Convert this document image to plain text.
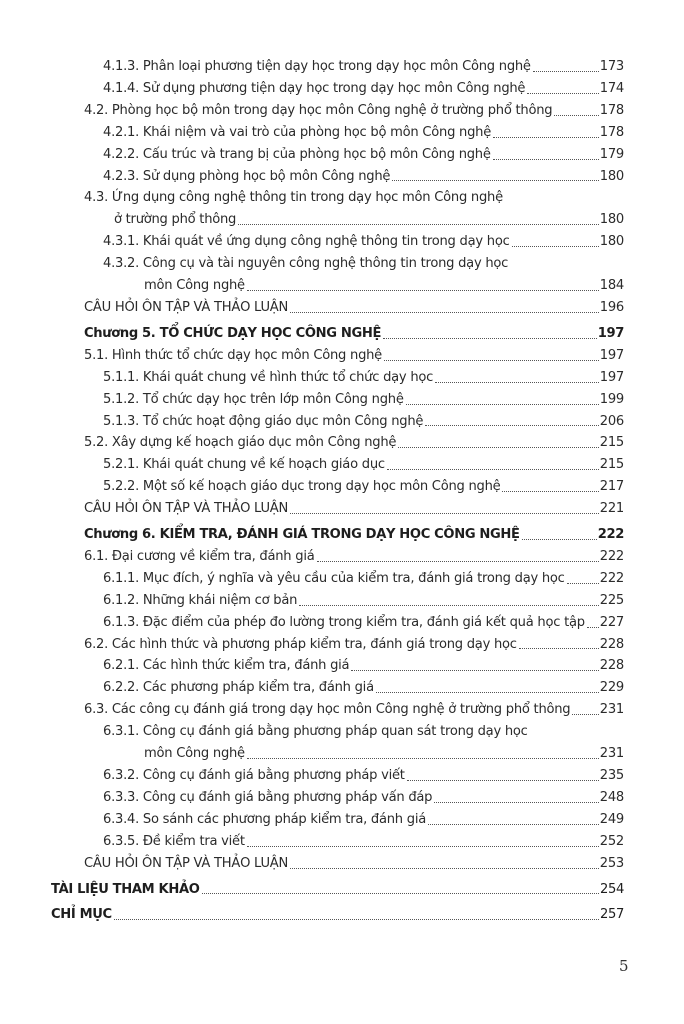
4.1.3. Phân loại phương tiện dạy học trong dạy học môn Công nghệ	173
4.1.4. Sử dụng phương tiện dạy học trong dạy học môn Công nghệ	174
4.2. Phòng học bộ môn trong dạy học môn Công nghệ ở trường phổ thông	178
4.2.1. Khái niệm và vai trò của phòng học bộ môn Công nghệ	178
4.2.2. Cấu trúc và trang bị của phòng học bộ môn Công nghệ	179
4.2.3. Sử dụng phòng học bộ môn Công nghệ	180
4.3. Ứng dụng công nghệ thông tin trong dạy học môn Công nghệ
ở trường phổ thông	180
4.3.1. Khái quát về ứng dụng công nghệ thông tin trong dạy học	180
4.3.2. Công cụ và tài nguyên công nghệ thông tin trong dạy học
môn Công nghệ	184
CÂU HỎI ÔN TẬP VÀ THẢO LUẬN	196
Chương 5. TỔ CHỨC DẠY HỌC CÔNG NGHỆ	197
5.1. Hình thức tổ chức dạy học môn Công nghệ	197
5.1.1. Khái quát chung về hình thức tổ chức dạy học	197
5.1.2. Tổ chức dạy học trên lớp môn Công nghệ	199
5.1.3. Tổ chức hoạt động giáo dục môn Công nghệ	206
5.2. Xây dựng kế hoạch giáo dục môn Công nghệ	215
5.2.1. Khái quát chung về kế hoạch giáo dục	215
5.2.2. Một số kế hoạch giáo dục trong dạy học môn Công nghệ	217
CÂU HỎI ÔN TẬP VÀ THẢO LUẬN	221
Chương 6. KIỂM TRA, ĐÁNH GIÁ TRONG DẠY HỌC CÔNG NGHỆ	222
6.1. Đại cương về kiểm tra, đánh giá	222
6.1.1. Mục đích, ý nghĩa và yêu cầu của kiểm tra, đánh giá trong dạy học	222
6.1.2. Những khái niệm cơ bản	225
6.1.3. Đặc điểm của phép đo lường trong kiểm tra, đánh giá kết quả học tập 227
6.2. Các hình thức và phương pháp kiểm tra, đánh giá trong dạy học	228
6.2.1. Các hình thức kiểm tra, đánh giá	228
6.2.2. Các phương pháp kiểm tra, đánh giá	229
6.3. Các công cụ đánh giá trong dạy học môn Công nghệ ở trường phổ thông 231
6.3.1. Công cụ đánh giá bằng phương pháp quan sát trong dạy học
môn Công nghệ	231
6.3.2. Công cụ đánh giá bằng phương pháp viết	235
6.3.3. Công cụ đánh giá bằng phương pháp vấn đáp	248
6.3.4. So sánh các phương pháp kiểm tra, đánh giá	249
6.3.5. Đề kiểm tra viết	252
CÂU HỎI ÔN TẬP VÀ THẢO LUẬN	253
TÀI LIỆU THAM KHẢO	254
CHỈ MỤC	257
5
